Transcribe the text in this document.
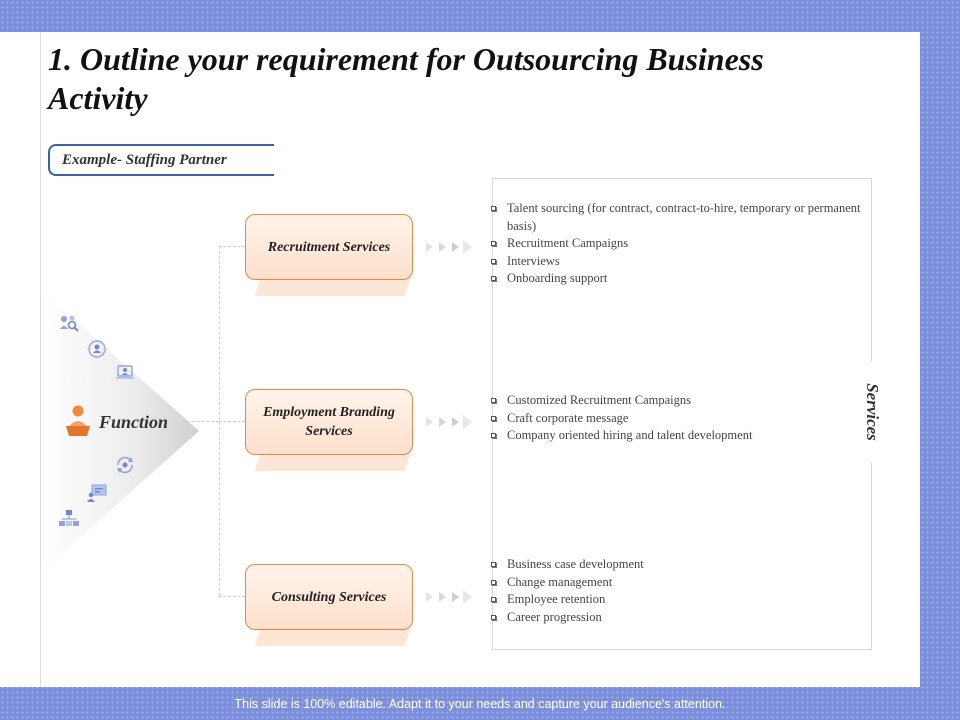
1. Outline your requirement for Outsourcing Business Activity
Example- Staffing Partner
Function
Recruitment Services
Employment Branding Services
Consulting Services
Services
Talent sourcing (for contract, contract-to-hire, temporary or permanent basis)
Recruitment Campaigns
Interviews
Onboarding support
Customized Recruitment Campaigns
Craft corporate message
Company oriented hiring and talent development
Business case development
Change management
Employee retention
Career progression
This slide is 100% editable. Adapt it to your needs and capture your audience's attention.
